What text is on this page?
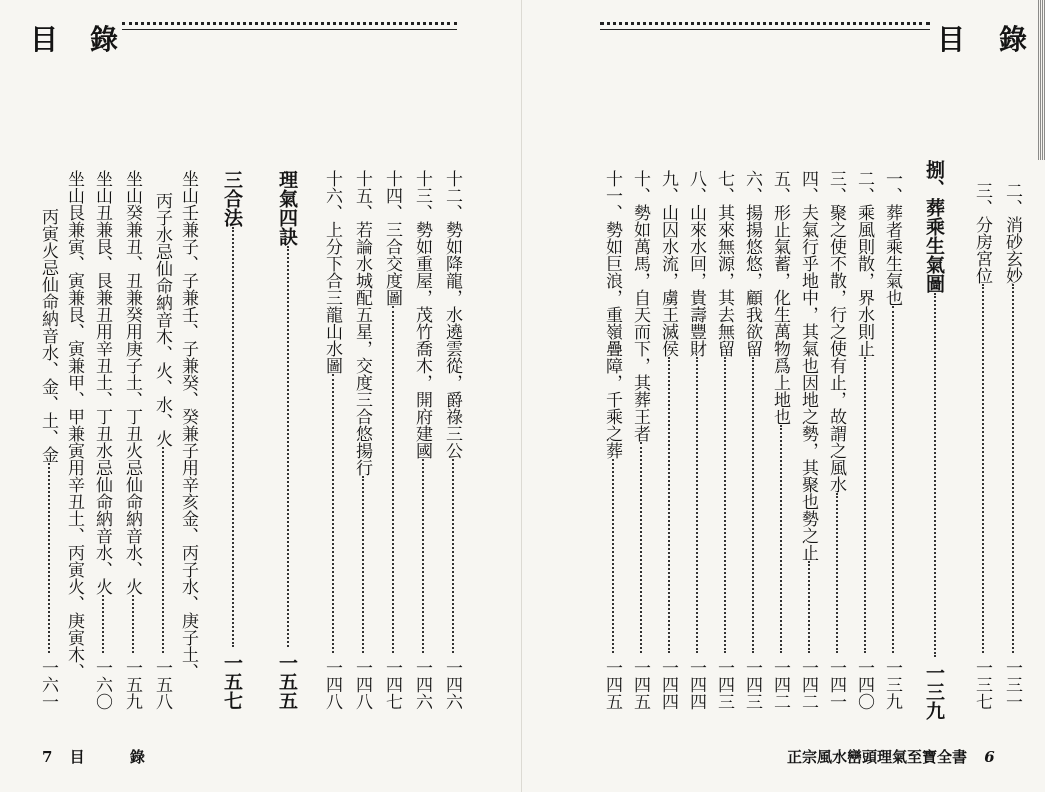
目 錄
十二、勢如降龍，水遶雲從，爵祿三公
一四六
十三、勢如重屋，茂竹喬木，開府建國
一四六
十四、三合交度圖
一四七
十五、若論水城配五星，交度三合悠揚行
一四八
十六、上分下合三龍山水圖
一四八
理氣四訣
一五五
三合法
一五七
坐山壬兼子、子兼壬、子兼癸、癸兼子用辛亥金、丙子水、庚子土、
丙子水忌仙命納音木、火、水、火
一五八
坐山癸兼丑、丑兼癸用庚子土、丁丑火忌仙命納音水、火
一五九
坐山丑兼艮、艮兼丑用辛丑土、丁丑水忌仙命納音水、火
一六〇
坐山艮兼寅、寅兼艮、寅兼甲、甲兼寅用辛丑土、丙寅火、庚寅木、
丙寅火忌仙命納音水、金、土、金
一六一
7 目	錄
目 錄
二、消砂玄妙
一三一
三、分房宮位
一三七
捌、葬乘生氣圖
一三九
一、葬者乘生氣也
一三九
二、乘風則散，界水則止
一四〇
三、聚之使不散，行之使有止，故謂之風水
一四一
四、夫氣行乎地中，其氣也因地之勢，其聚也勢之止
一四二
五、形止氣蓄，化生萬物爲上地也
一四二
六、揚揚悠悠，顧我欲留
一四三
七、其來無源，其去無留
一四三
八、山來水回，貴壽豐財
一四四
九、山囚水流，虜王滅侯
一四四
十、勢如萬馬，自天而下，其葬王者
一四五
十一、勢如巨浪，重嶺疊障，千乘之葬
一四五
正宗風水巒頭理氣至寶全書 6
